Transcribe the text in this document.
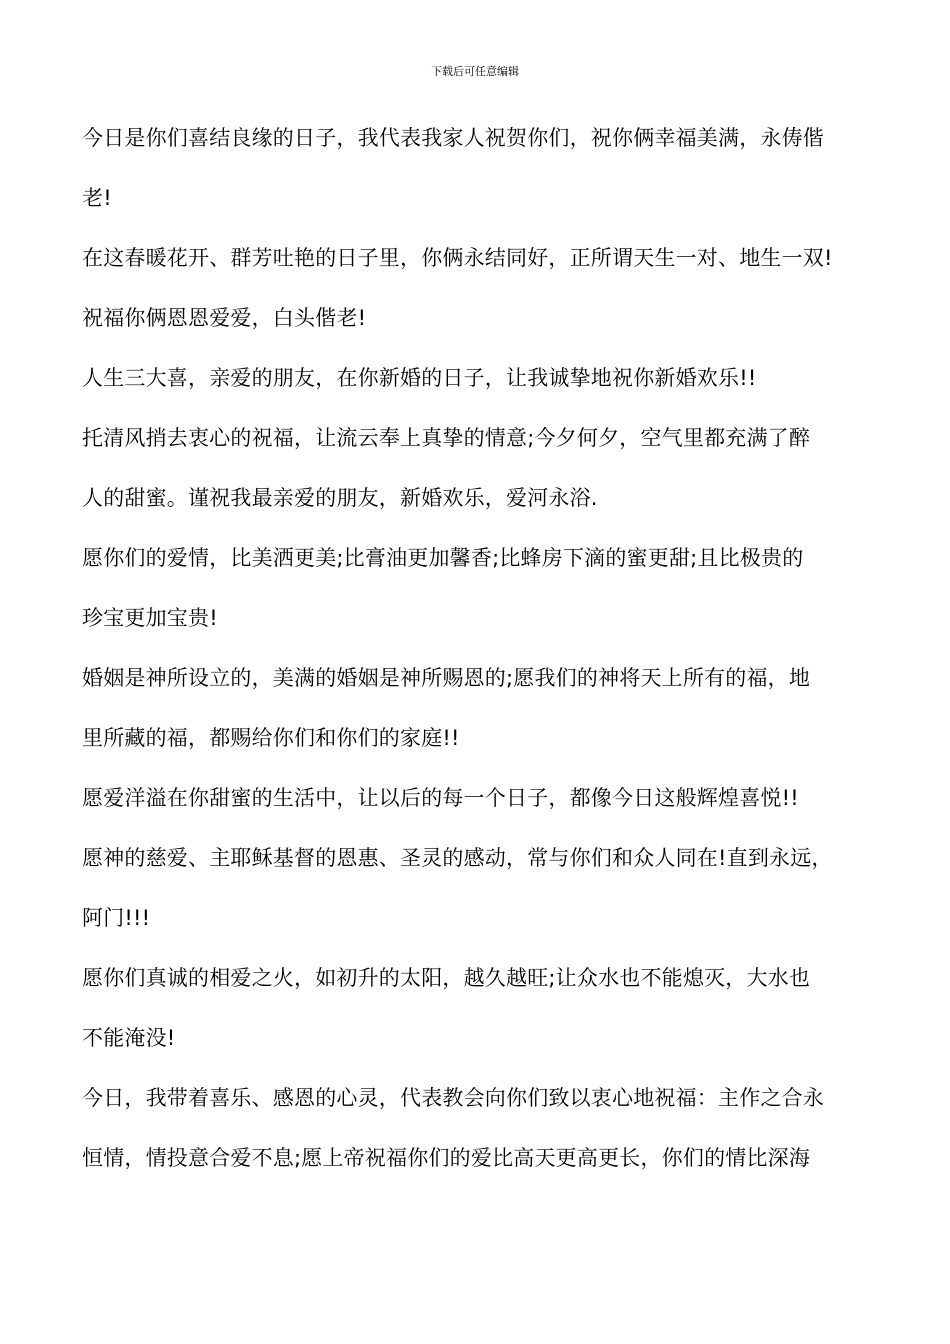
下载后可任意编辑

今日是你们喜结良缘的日子，我代表我家人祝贺你们，祝你俩幸福美满，永俦偕

老!

在这春暖花开、群芳吐艳的日子里，你俩永结同好，正所谓天生一对、地生一双!

祝福你俩恩恩爱爱，白头偕老!

人生三大喜，亲爱的朋友，在你新婚的日子，让我诚挚地祝你新婚欢乐!!

托清风捎去衷心的祝福，让流云奉上真挚的情意;今夕何夕，空气里都充满了醉

人的甜蜜。谨祝我最亲爱的朋友，新婚欢乐，爱河永浴.

愿你们的爱情，比美洒更美;比膏油更加馨香;比蜂房下滴的蜜更甜;且比极贵的

珍宝更加宝贵!

婚姻是神所设立的，美满的婚姻是神所赐恩的;愿我们的神将天上所有的福，地

里所藏的福，都赐给你们和你们的家庭!!

愿爱洋溢在你甜蜜的生活中，让以后的每一个日子，都像今日这般辉煌喜悦!!

愿神的慈爱、主耶稣基督的恩惠、圣灵的感动，常与你们和众人同在!直到永远，

阿门!!!

愿你们真诚的相爱之火，如初升的太阳，越久越旺;让众水也不能熄灭，大水也

不能淹没!

今日，我带着喜乐、感恩的心灵，代表教会向你们致以衷心地祝福：主作之合永

恒情，情投意合爱不息;愿上帝祝福你们的爱比高天更高更长，你们的情比深海
